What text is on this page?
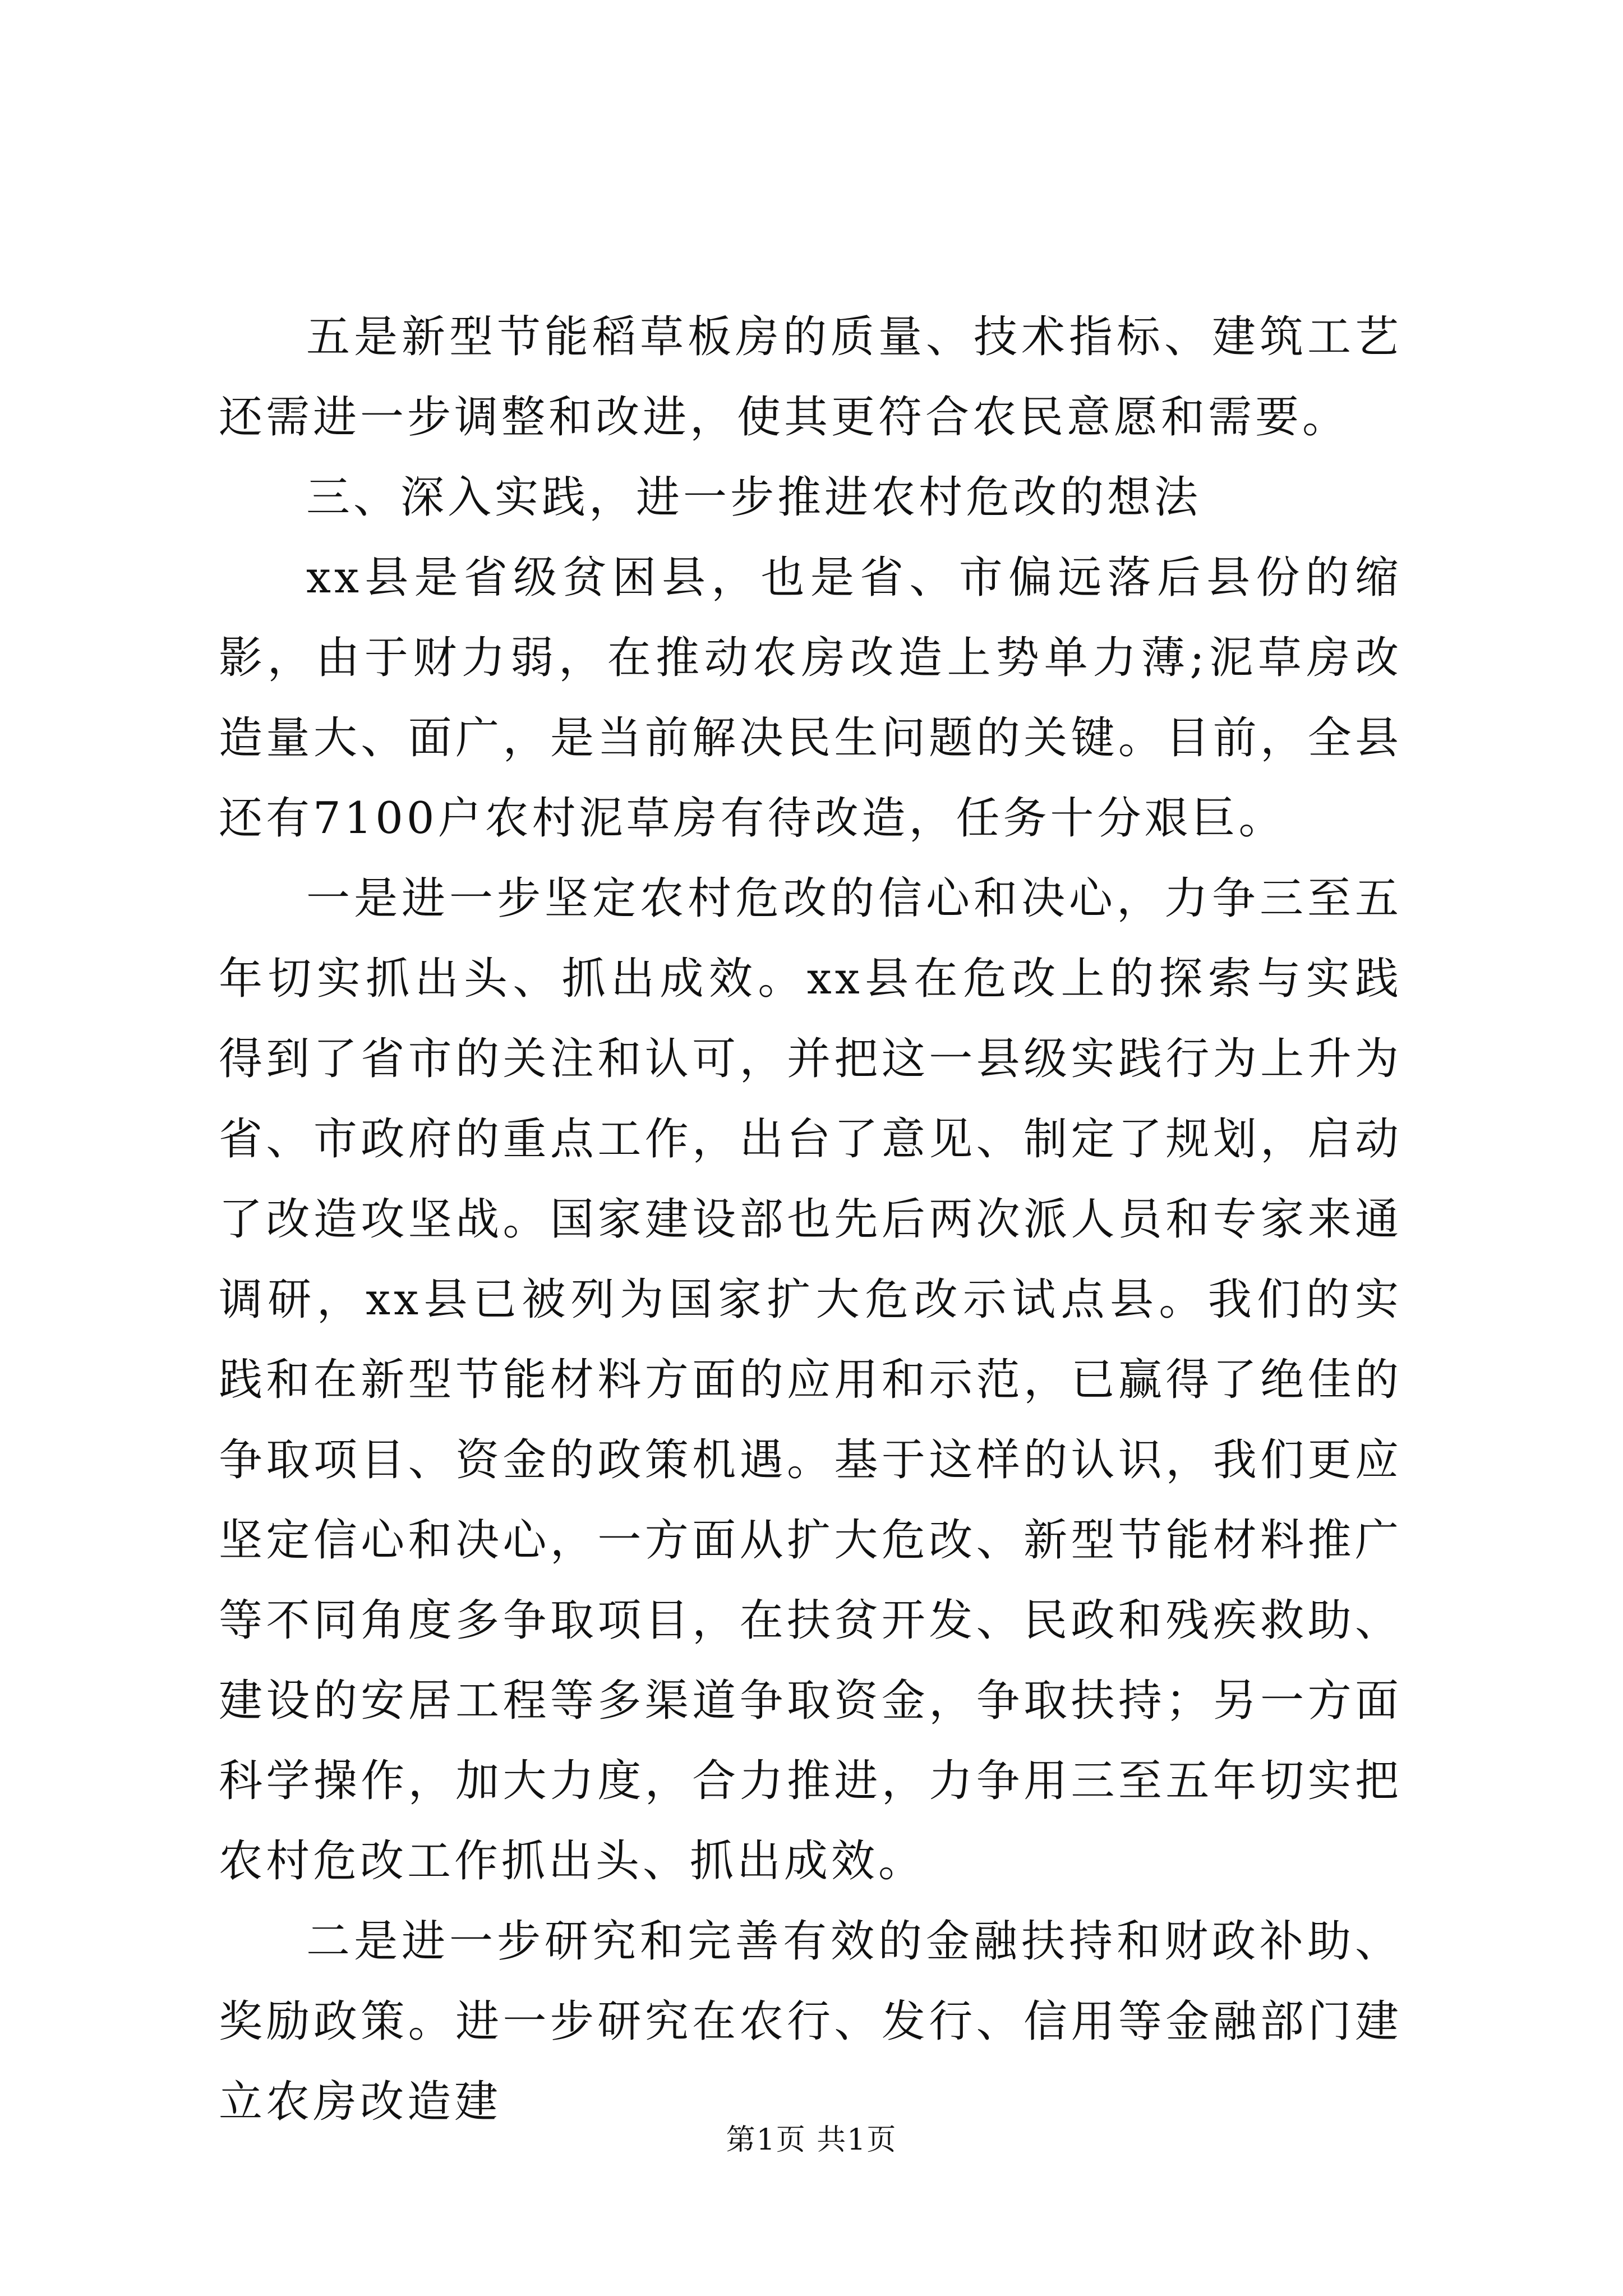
五是新型节能稻草板房的质量、技术指标、建筑工艺还需进一步调整和改进，使其更符合农民意愿和需要。

三、深入实践，进一步推进农村危改的想法

xx县是省级贫困县，也是省、市偏远落后县份的缩影，由于财力弱，在推动农房改造上势单力薄;泥草房改造量大、面广，是当前解决民生问题的关键。目前，全县还有7100户农村泥草房有待改造，任务十分艰巨。

一是进一步坚定农村危改的信心和决心，力争三至五年切实抓出头、抓出成效。xx县在危改上的探索与实践得到了省市的关注和认可，并把这一县级实践行为上升为省、市政府的重点工作，出台了意见、制定了规划，启动了改造攻坚战。国家建设部也先后两次派人员和专家来通调研，xx县已被列为国家扩大危改示试点县。我们的实践和在新型节能材料方面的应用和示范，已赢得了绝佳的争取项目、资金的政策机遇。基于这样的认识，我们更应坚定信心和决心，一方面从扩大危改、新型节能材料推广等不同角度多争取项目，在扶贫开发、民政和残疾救助、建设的安居工程等多渠道争取资金，争取扶持；另一方面科学操作，加大力度，合力推进，力争用三至五年切实把农村危改工作抓出头、抓出成效。

二是进一步研究和完善有效的金融扶持和财政补助、奖励政策。进一步研究在农行、发行、信用等金融部门建立农房改造建

第1页 共1页
